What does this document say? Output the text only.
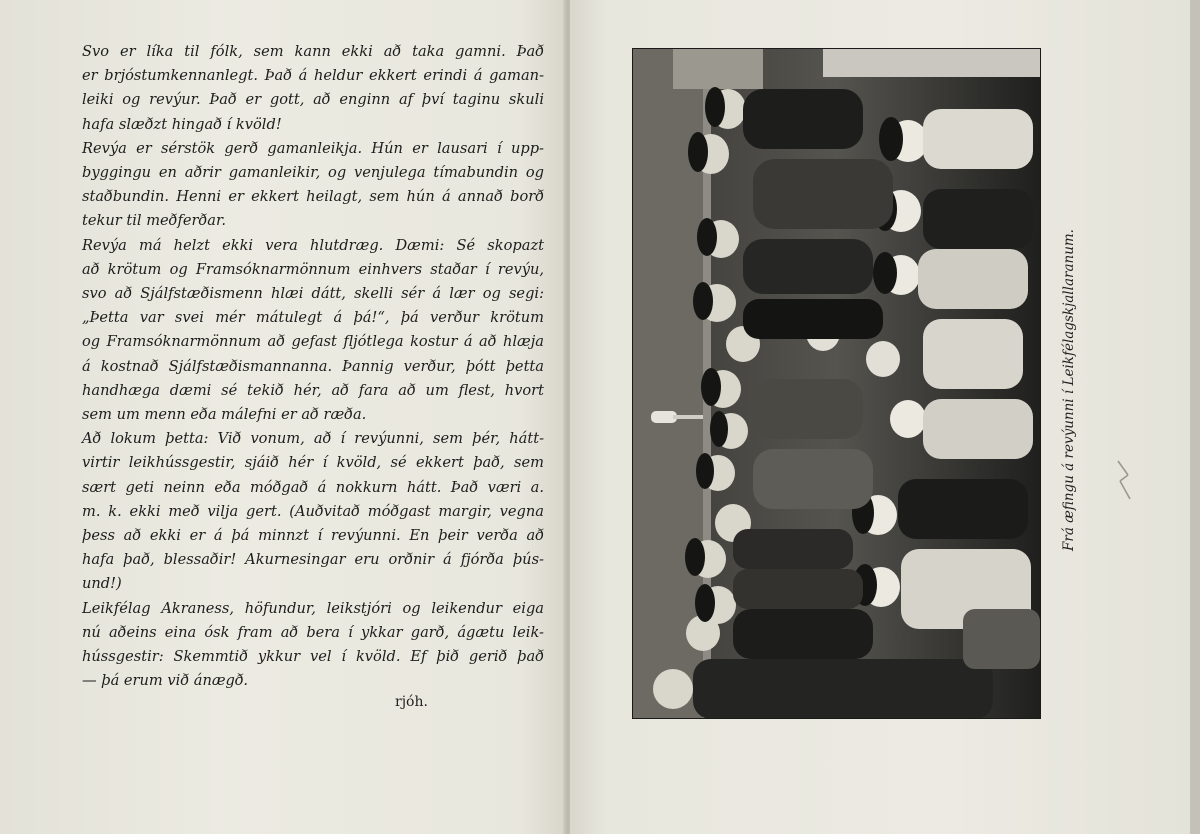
Svo er líka til fólk, sem kann ekki að taka gamni. Það
er brjóstumkennanlegt. Það á heldur ekkert erindi á gaman-
leiki og revýur. Það er gott, að enginn af því taginu skuli
hafa slæðzt hingað í kvöld!

Revýa er sérstök gerð gamanleikja. Hún er lausari í upp-
byggingu en aðrir gamanleikir, og venjulega tímabundin og
staðbundin. Henni er ekkert heilagt, sem hún á annað borð
tekur til meðferðar.

Revýa má helzt ekki vera hlutdræg. Dæmi: Sé skopazt
að krötum og Framsóknarmönnum einhvers staðar í revýu,
svo að Sjálfstæðismenn hlæi dátt, skelli sér á lær og segi:
„Þetta var svei mér mátulegt á þá!“, þá verður krötum
og Framsóknarmönnum að gefast fljótlega kostur á að hlæja
á kostnað Sjálfstæðismannanna. Þannig verður, þótt þetta
handhæga dæmi sé tekið hér, að fara að um flest, hvort
sem um menn eða málefni er að ræða.

Að lokum þetta: Við vonum, að í revýunni, sem þér, hátt-
virtir leikhússgestir, sjáið hér í kvöld, sé ekkert það, sem
sært geti neinn eða móðgað á nokkurn hátt. Það væri a.
m. k. ekki með vilja gert. (Auðvitað móðgast margir, vegna
þess að ekki er á þá minnzt í revýunni. En þeir verða að
hafa það, blessaðir! Akurnesingar eru orðnir á fjórða þús-
und!)

Leikfélag Akraness, höfundur, leikstjóri og leikendur eiga
nú aðeins eina ósk fram að bera í ykkar garð, ágætu leik-
hússgestir: Skemmtið ykkur vel í kvöld. Ef þið gerið það
— þá erum við ánægð.

rjóh.
Frá æfingu á revýunni í Leikfélagskjallaranum.
